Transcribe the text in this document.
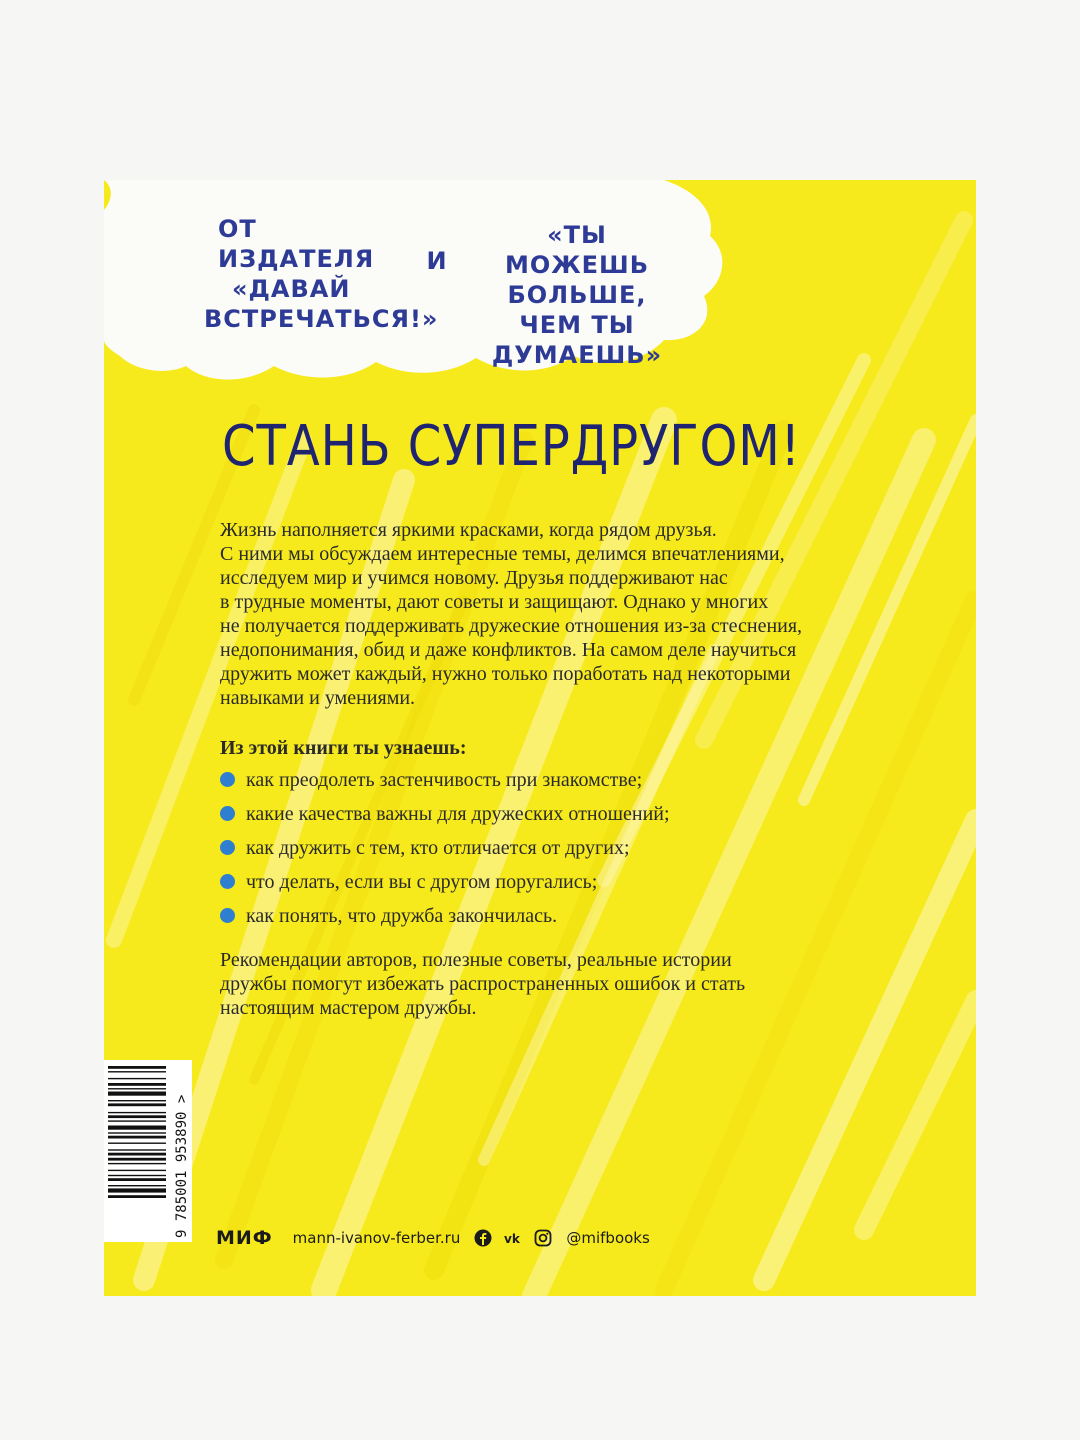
ОТ ИЗДАТЕЛЯ
«ДАВАЙ
ВСТРЕЧАТЬСЯ!»
И
«ТЫ МОЖЕШЬ
БОЛЬШЕ, ЧЕМ ТЫ
ДУМАЕШЬ»
СТАНЬ СУПЕРДРУГОМ!
Жизнь наполняется яркими красками, когда рядом друзья.
С ними мы обсуждаем интересные темы, делимся впечатлениями,
исследуем мир и учимся новому. Друзья поддерживают нас
в трудные моменты, дают советы и защищают. Однако у многих
не получается поддерживать дружеские отношения из-за стеснения,
недопонимания, обид и даже конфликтов. На самом деле научиться
дружить может каждый, нужно только поработать над некоторыми
навыками и умениями.
Из этой книги ты узнаешь:
как преодолеть застенчивость при знакомстве;
какие качества важны для дружеских отношений;
как дружить с тем, кто отличается от других;
что делать, если вы с другом поругались;
как понять, что дружба закончилась.
Рекомендации авторов, полезные советы, реальные истории
дружбы помогут избежать распространенных ошибок и стать
настоящим мастером дружбы.
9 785001 953890 > МИФ mann-ivanov-ferber.ru	vk	@mifbooks
